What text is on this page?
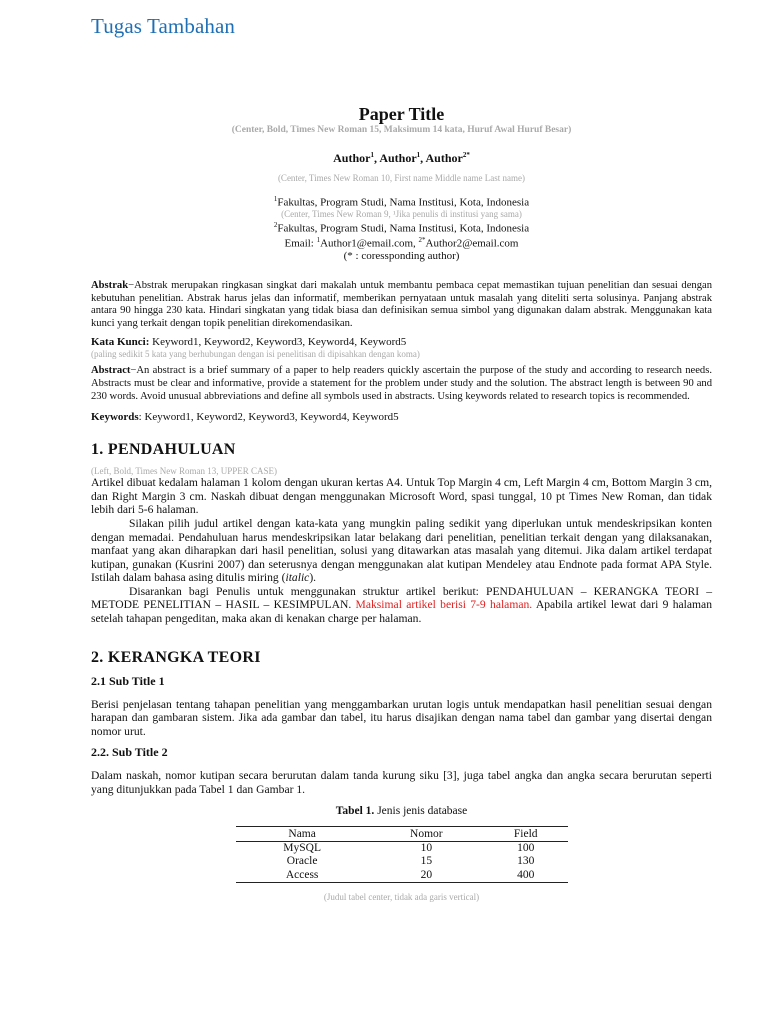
Tugas Tambahan
Paper Title
(Center, Bold, Times New Roman 15, Maksimum 14 kata, Huruf Awal Huruf Besar)
Author$^1$, Author$^1$, Author$^{2*}$
(Center, Times New Roman 10, First name Middle name Last name)
$^1$Fakultas, Program Studi, Nama Institusi, Kota, Indonesia
(Center, Times New Roman 9, ¹Jika penulis di institusi yang sama)
$^2$Fakultas, Program Studi, Nama Institusi, Kota, Indonesia
Email: $^1$Author1@email.com, $^{2*}$Author2@email.com
(* : coressponding author)

Abstrak−Abstrak merupakan ringkasan singkat dari makalah untuk membantu pembaca cepat memastikan tujuan penelitian dan sesuai dengan kebutuhan penelitian. Abstrak harus jelas dan informatif, memberikan pernyataan untuk masalah yang diteliti serta solusinya. Panjang abstrak antara 90 hingga 230 kata. Hindari singkatan yang tidak biasa dan definisikan semua simbol yang digunakan dalam abstrak. Menggunakan kata kunci yang terkait dengan topik penelitian direkomendasikan.

Kata Kunci: Keyword1, Keyword2, Keyword3, Keyword4, Keyword5

(paling sedikit 5 kata yang berhubungan dengan isi penelitisan di dipisahkan dengan koma)

Abstract−An abstract is a brief summary of a paper to help readers quickly ascertain the purpose of the study and according to research needs. Abstracts must be clear and informative, provide a statement for the problem under study and the solution. The abstract length is between 90 and 230 words. Avoid unusual abbreviations and define all symbols used in abstracts. Using keywords related to research topics is recommended.

Keywords: Keyword1, Keyword2, Keyword3, Keyword4, Keyword5

1. PENDAHULUAN
(Left, Bold, Times New Roman 13, UPPER CASE)

Artikel dibuat kedalam halaman 1 kolom dengan ukuran kertas A4. Untuk Top Margin 4 cm, Left Margin 4 cm, Bottom Margin 3 cm, dan Right Margin 3 cm. Naskah dibuat dengan menggunakan Microsoft Word, spasi tunggal, 10 pt Times New Roman, dan tidak lebih dari 5-6 halaman.

Silakan pilih judul artikel dengan kata-kata yang mungkin paling sedikit yang diperlukan untuk mendeskripsikan konten dengan memadai. Pendahuluan harus mendeskripsikan latar belakang dari penelitian, penelitian terkait dengan yang dilaksanakan, manfaat yang akan diharapkan dari hasil penelitian, solusi yang ditawarkan atas masalah yang ditemui. Jika dalam artikel terdapat kutipan, gunakan (Kusrini 2007) dan seterusnya dengan menggunakan alat kutipan Mendeley atau Endnote pada format APA Style. Istilah dalam bahasa asing ditulis miring (italic).

Disarankan bagi Penulis untuk menggunakan struktur artikel berikut: PENDAHULUAN – KERANGKA TEORI – METODE PENELITIAN – HASIL – KESIMPULAN. Maksimal artikel berisi 7-9 halaman. Apabila artikel lewat dari 9 halaman setelah tahapan pengeditan, maka akan di kenakan charge per halaman.

2. KERANGKA TEORI
2.1 Sub Title 1

Berisi penjelasan tentang tahapan penelitian yang menggambarkan urutan logis untuk mendapatkan hasil penelitian sesuai dengan harapan dan gambaran sistem. Jika ada gambar dan tabel, itu harus disajikan dengan nama tabel dan gambar yang disertai dengan nomor urut.

2.2. Sub Title 2

Dalam naskah, nomor kutipan secara berurutan dalam tanda kurung siku [3], juga tabel angka dan angka secara berurutan seperti yang ditunjukkan pada Tabel 1 dan Gambar 1.

Tabel 1. Jenis jenis database
Nama	Nomor	Field
MySQL	10	100
Oracle	15	130
Access	20	400
(Judul tabel center, tidak ada garis vertical)
